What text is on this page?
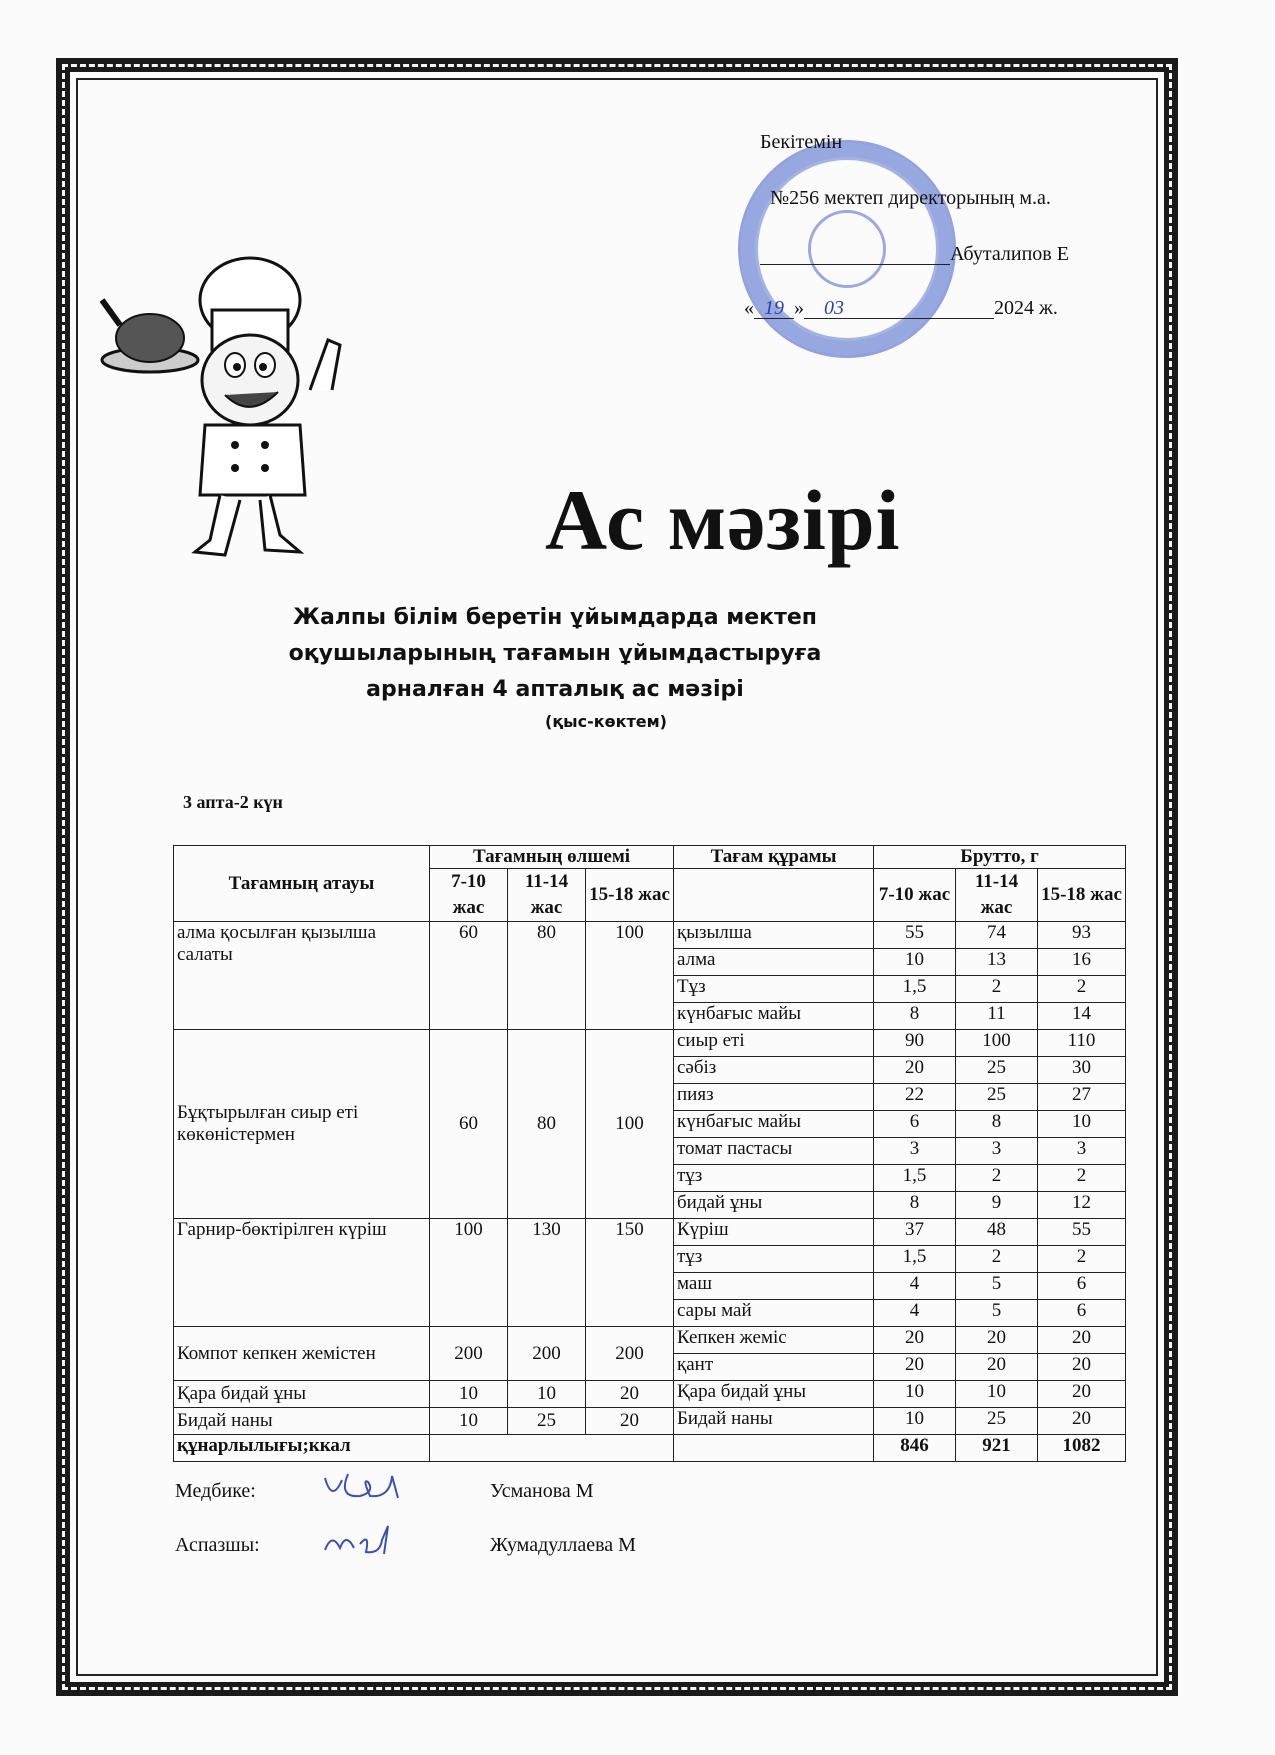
Бекітемін
№256 мектеп директорының м.а.
Абуталипов Е
« 19 » 03	2024 ж.
Ас мәзірі
Жалпы білім беретін ұйымдарда мектеп
оқушыларының тағамын ұйымдастыруға
арналған 4 апталық ас мәзірі
(қыс-көктем)
3 апта-2 күн
Тағамның атауы	Тағамның өлшемі			Тағам құрамы	Брутто, г		
	7-10 жас	11-14 жас	15-18 жас		7-10 жас	11-14 жас	15-18 жас
алма қосылған қызылша салаты	60	80	100	қызылша	55	74	93
				алма	10	13	16
				Тұз	1,5	2	2
				күнбағыс майы	8	11	14
Бұқтырылған сиыр еті көкөністермен	60	80	100	сиыр еті	90	100	110
				сәбіз	20	25	30
				пияз	22	25	27
				күнбағыс майы	6	8	10
				томат пастасы	3	3	3
				тұз	1,5	2	2
				бидай ұны	8	9	12
Гарнир-бөктірілген күріш	100	130	150	Күріш	37	48	55
				тұз	1,5	2	2
				маш	4	5	6
				сары май	4	5	6
Компот кепкен жемістен	200	200	200	Кепкен жеміс	20	20	20
				қант	20	20	20
Қара бидай ұны	10	10	20	Қара бидай ұны	10	10	20
Бидай наны	10	25	20	Бидай наны	10	25	20
құнарлылығы;ккал					846	921	1082
Медбике:	Усманова М
Аспазшы:	Жумадуллаева М
